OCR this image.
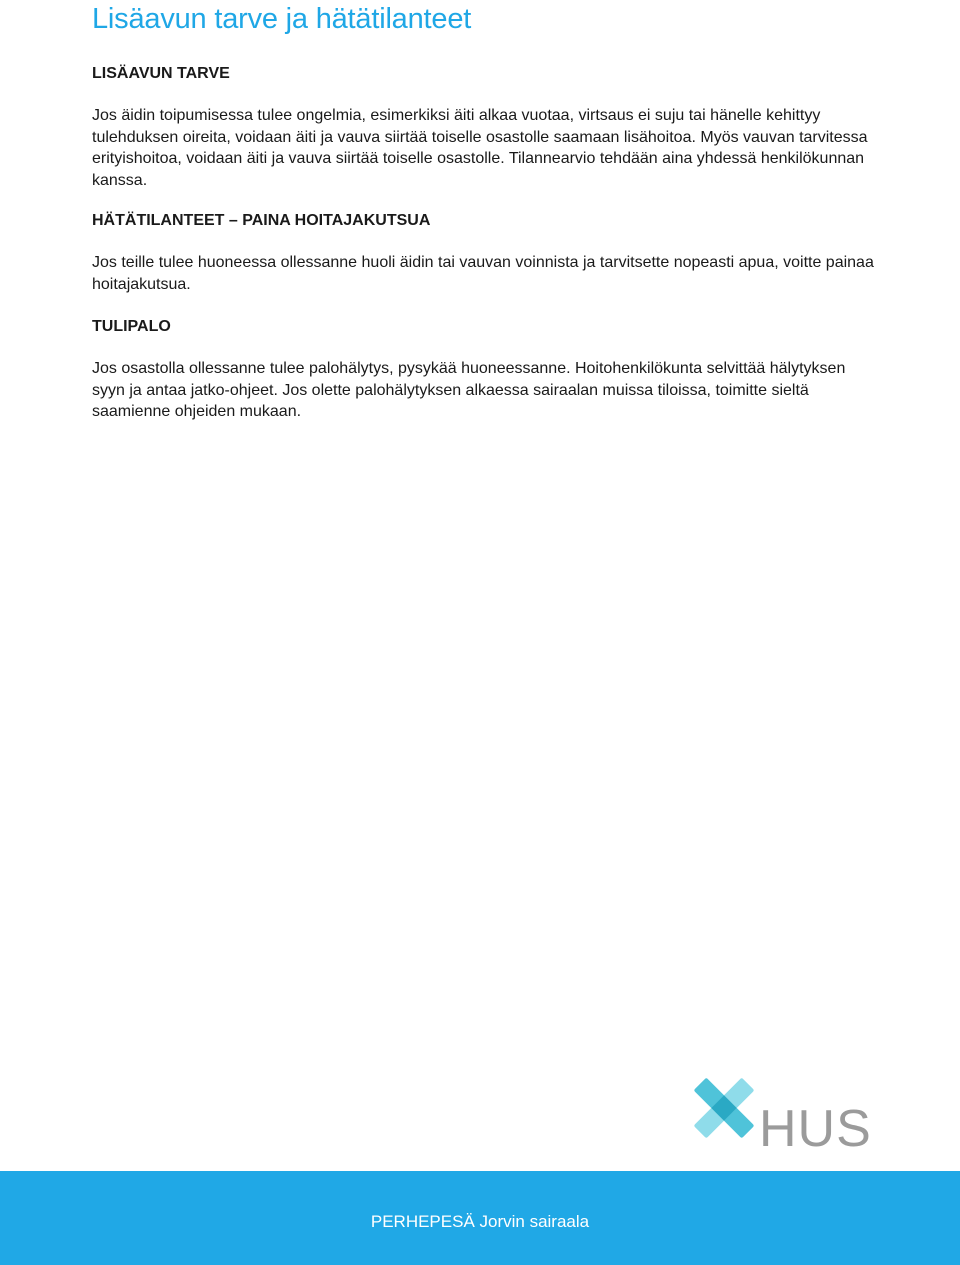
Lisäavun tarve ja hätätilanteet
LISÄAVUN TARVE

Jos äidin toipumisessa tulee ongelmia, esimerkiksi äiti alkaa vuotaa, virtsaus ei suju tai hänelle kehittyy tulehduksen oireita, voidaan äiti ja vauva siirtää toiselle osastolle saamaan lisähoitoa. Myös vauvan tarvitessa erityishoitoa, voidaan äiti ja vauva siirtää toiselle osastolle. Tilannearvio tehdään aina yhdessä henkilökunnan kanssa.

HÄTÄTILANTEET – PAINA HOITAJAKUTSUA

Jos teille tulee huoneessa ollessanne huoli äidin tai vauvan voinnista ja tarvitsette nopeasti apua, voitte painaa hoitajakutsua.

TULIPALO

Jos osastolla ollessanne tulee palohälytys, pysykää huoneessanne. Hoitohenkilökunta selvittää hälytyksen syyn ja antaa jatko-ohjeet. Jos olette palohälytyksen alkaessa sairaalan muissa tiloissa, toimitte sieltä saamienne ohjeiden mukaan.

HUS
PERHEPESÄ Jorvin sairaala
